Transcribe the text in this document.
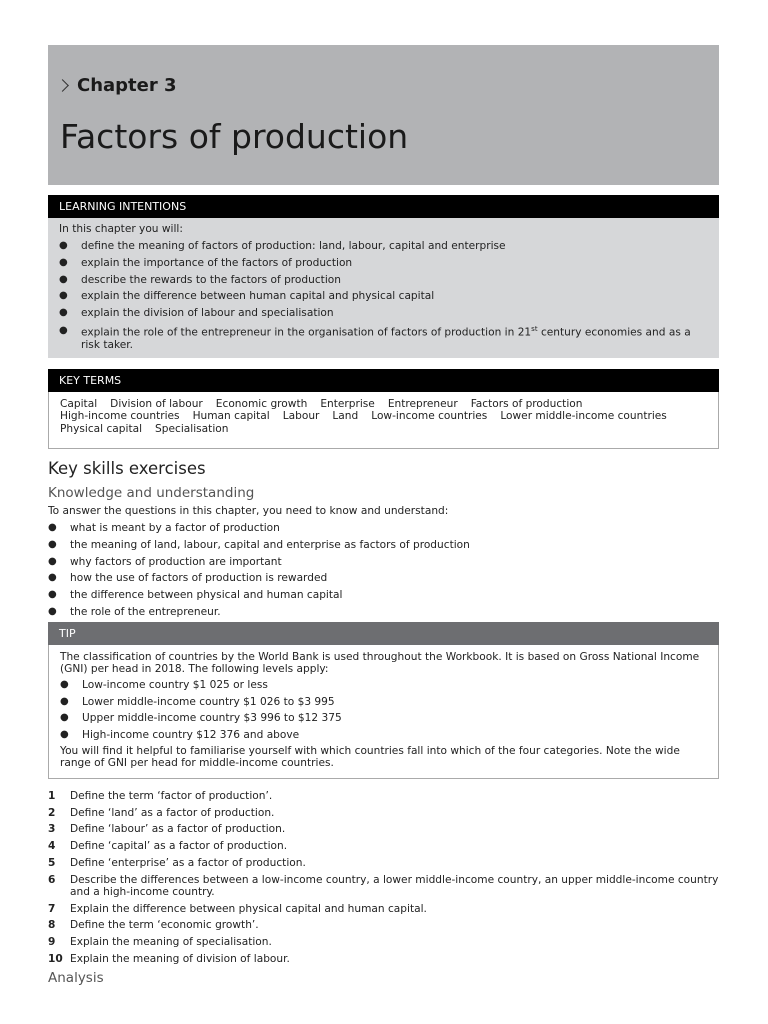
Chapter 3
Factors of production
LEARNING INTENTIONS
In this chapter you will:
●	define the meaning of factors of production: land, labour, capital and enterprise
●	explain the importance of the factors of production
●	describe the rewards to the factors of production
●	explain the difference between human capital and physical capital
●	explain the division of labour and specialisation
●	explain the role of the entrepreneur in the organisation of factors of production in 21st century economies and as a risk taker.
KEY TERMS
Capital Division of labour Economic growth Enterprise Entrepreneur Factors of production
High-income countries Human capital Labour Land Low-income countries Lower middle-income countries
Physical capital Specialisation
Key skills exercises
Knowledge and understanding
To answer the questions in this chapter, you need to know and understand:
●	what is meant by a factor of production
●	the meaning of land, labour, capital and enterprise as factors of production
●	why factors of production are important
●	how the use of factors of production is rewarded
●	the difference between physical and human capital
●	the role of the entrepreneur.
TIP
The classification of countries by the World Bank is used throughout the Workbook. It is based on Gross National Income (GNI) per head in 2018. The following levels apply:
●	Low-income country $1 025 or less
●	Lower middle-income country $1 026 to $3 995
●	Upper middle-income country $3 996 to $12 375
●	High-income country $12 376 and above
You will find it helpful to familiarise yourself with which countries fall into which of the four categories. Note the wide range of GNI per head for middle-income countries.
1	Define the term ‘factor of production’.
2	Define ‘land’ as a factor of production.
3	Define ‘labour’ as a factor of production.
4	Define ‘capital’ as a factor of production.
5	Define ‘enterprise’ as a factor of production.
6	Describe the differences between a low-income country, a lower middle-income country, an upper middle-income country and a high-income country.
7	Explain the difference between physical capital and human capital.
8	Define the term ‘economic growth’.
9	Explain the meaning of specialisation.
10 Explain the meaning of division of labour.
Analysis
